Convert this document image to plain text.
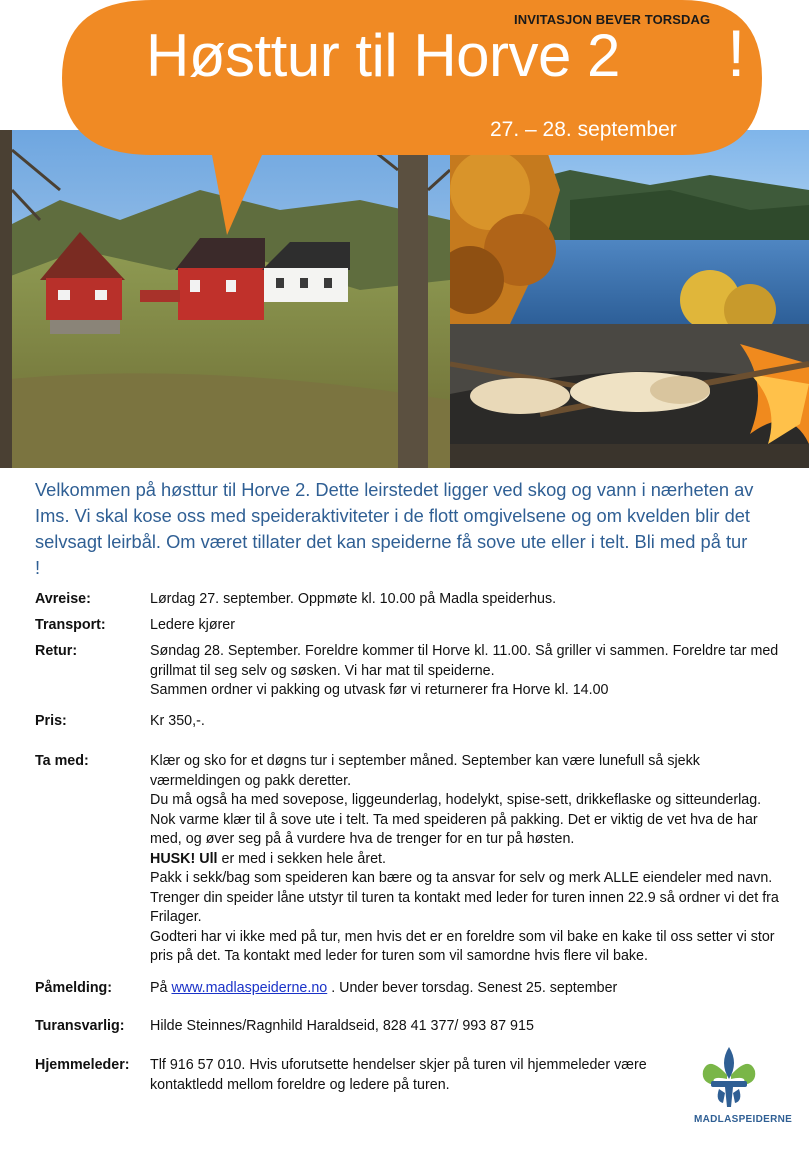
INVITASJON BEVER TORSDAG
Høsttur til Horve 2 !
27. – 28. september

Velkommen på høsttur til Horve 2. Dette leirstedet ligger ved skog og vann i nærheten av Ims. Vi skal kose oss med speideraktiviteter i de flott omgivelsene og om kvelden blir det selvsagt leirbål. Om været tillater det kan speiderne få sove ute eller i telt. Bli med på tur !

Avreise:	Lørdag 27. september. Oppmøte kl. 10.00 på Madla speiderhus.
Transport:	Ledere kjører
Retur:	Søndag 28. September. Foreldre kommer til Horve kl. 11.00. Så griller vi sammen. Foreldre tar med grillmat til seg selv og søsken. Vi har mat til speiderne.

Sammen ordner vi pakking og utvask før vi returnerer fra Horve kl. 14.00

Pris:	Kr 350,-.
Ta med:	Klær og sko for et døgns tur i september måned. September kan være lunefull så sjekk værmeldingen og pakk deretter.

Du må også ha med sovepose, liggeunderlag, hodelykt, spise-sett, drikkeflaske og sitteunderlag. Nok varme klær til å sove ute i telt. Ta med speideren på pakking. Det er viktig de vet hva de har med, og øver seg på å vurdere hva de trenger for en tur på høsten.

HUSK! Ull er med i sekken hele året.

Pakk i sekk/bag som speideren kan bære og ta ansvar for selv og merk ALLE eiendeler med navn. Trenger din speider låne utstyr til turen ta kontakt med leder for turen innen 22.9 så ordner vi det fra Frilager.

Godteri har vi ikke med på tur, men hvis det er en foreldre som vil bake en kake til oss setter vi stor pris på det. Ta kontakt med leder for turen som vil samordne hvis flere vil bake.

Påmelding:	På www.madlaspeiderne.no . Under bever torsdag. Senest 25. september
Turansvarlig:	Hilde Steinnes/Ragnhild Haraldseid, 828 41 377/ 993 87 915
Hjemmeleder:	Tlf 916 57 010. Hvis uforutsette hendelser skjer på turen vil hjemmeleder være kontaktledd mellom foreldre og ledere på turen.
MADLASPEIDERNE
